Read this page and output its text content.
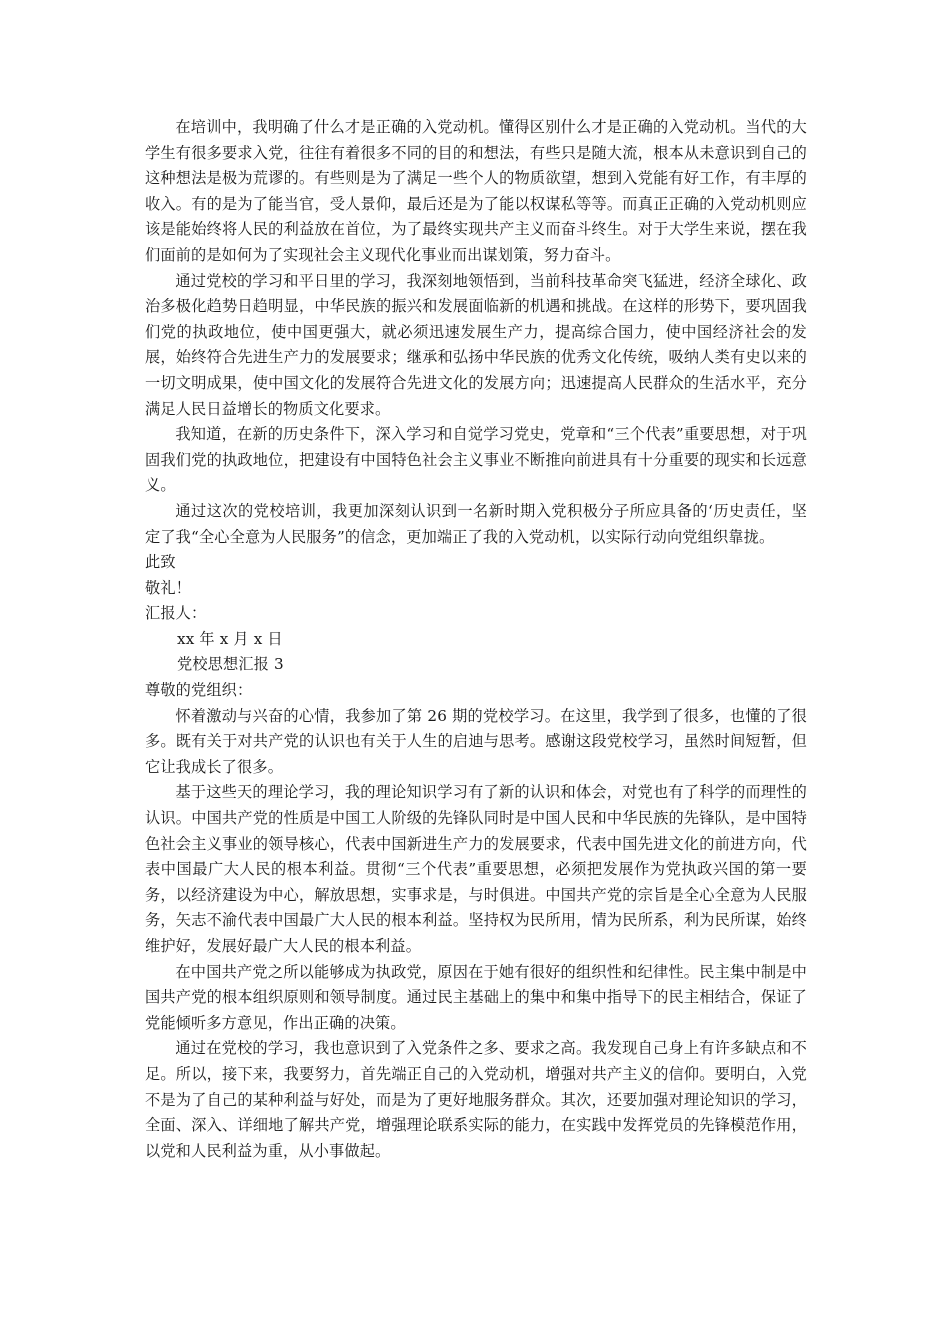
在培训中，我明确了什么才是正确的入党动机。懂得区别什么才是正确的入党动机。当代的大学生有很多要求入党，往往有着很多不同的目的和想法，有些只是随大流，根本从未意识到自己的这种想法是极为荒谬的。有些则是为了满足一些个人的物质欲望，想到入党能有好工作，有丰厚的收入。有的是为了能当官，受人景仰，最后还是为了能以权谋私等等。而真正正确的入党动机则应该是能始终将人民的利益放在首位，为了最终实现共产主义而奋斗终生。对于大学生来说，摆在我们面前的是如何为了实现社会主义现代化事业而出谋划策，努力奋斗。

通过党校的学习和平日里的学习，我深刻地领悟到，当前科技革命突飞猛进，经济全球化、政治多极化趋势日趋明显，中华民族的振兴和发展面临新的机遇和挑战。在这样的形势下，要巩固我们党的执政地位，使中国更强大，就必须迅速发展生产力，提高综合国力，使中国经济社会的发展，始终符合先进生产力的发展要求；继承和弘扬中华民族的优秀文化传统，吸纳人类有史以来的一切文明成果，使中国文化的发展符合先进文化的发展方向；迅速提高人民群众的生活水平，充分满足人民日益增长的物质文化要求。

我知道，在新的历史条件下，深入学习和自觉学习党史，党章和“三个代表”重要思想，对于巩固我们党的执政地位，把建设有中国特色社会主义事业不断推向前进具有十分重要的现实和长远意义。

通过这次的党校培训，我更加深刻认识到一名新时期入党积极分子所应具备的‘历史责任，坚定了我“全心全意为人民服务”的信念，更加端正了我的入党动机，以实际行动向党组织靠拢。

此致

敬礼！

汇报人：

xx 年 x 月 x 日

党校思想汇报 3

尊敬的党组织：

怀着激动与兴奋的心情，我参加了第 26 期的党校学习。在这里，我学到了很多，也懂的了很多。既有关于对共产党的认识也有关于人生的启迪与思考。感谢这段党校学习，虽然时间短暂，但它让我成长了很多。

基于这些天的理论学习，我的理论知识学习有了新的认识和体会，对党也有了科学的而理性的认识。中国共产党的性质是中国工人阶级的先锋队同时是中国人民和中华民族的先锋队，是中国特色社会主义事业的领导核心，代表中国新进生产力的发展要求，代表中国先进文化的前进方向，代表中国最广大人民的根本利益。贯彻“三个代表”重要思想，必须把发展作为党执政兴国的第一要务，以经济建设为中心，解放思想，实事求是，与时俱进。中国共产党的宗旨是全心全意为人民服务，矢志不渝代表中国最广大人民的根本利益。坚持权为民所用，情为民所系，利为民所谋，始终维护好，发展好最广大人民的根本利益。

在中国共产党之所以能够成为执政党，原因在于她有很好的组织性和纪律性。民主集中制是中国共产党的根本组织原则和领导制度。通过民主基础上的集中和集中指导下的民主相结合，保证了党能倾听多方意见，作出正确的决策。

通过在党校的学习，我也意识到了入党条件之多、要求之高。我发现自己身上有许多缺点和不足。所以，接下来，我要努力，首先端正自己的入党动机，增强对共产主义的信仰。要明白，入党不是为了自己的某种利益与好处，而是为了更好地服务群众。其次，还要加强对理论知识的学习，全面、深入、详细地了解共产党，增强理论联系实际的能力，在实践中发挥党员的先锋模范作用，以党和人民利益为重，从小事做起。
